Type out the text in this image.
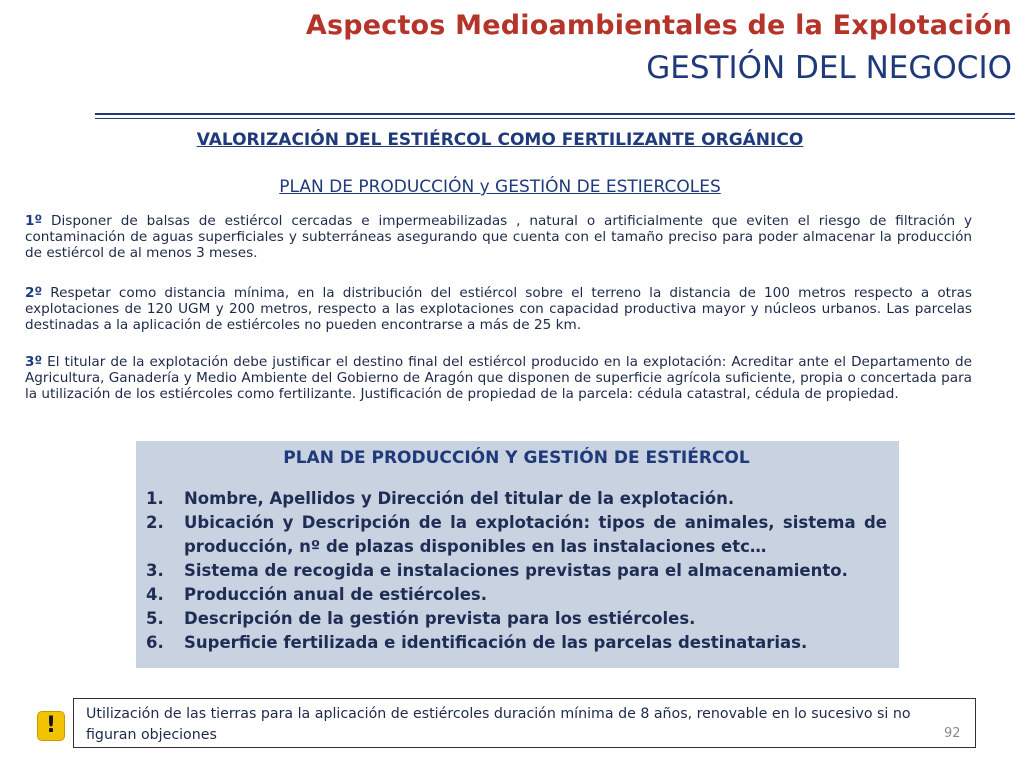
Aspectos Medioambientales de la Explotación
GESTIÓN DEL NEGOCIO
VALORIZACIÓN DEL ESTIÉRCOL COMO FERTILIZANTE ORGÁNICO
PLAN DE PRODUCCIÓN y GESTIÓN DE ESTIERCOLES
1º Disponer de balsas de estiércol cercadas e impermeabilizadas , natural o artificialmente que eviten el riesgo de filtración y contaminación de aguas superficiales y subterráneas asegurando que cuenta con el tamaño preciso para poder almacenar la producción de estiércol de al menos 3 meses.
2º Respetar como distancia mínima, en la distribución del estiércol sobre el terreno la distancia de 100 metros respecto a otras explotaciones de 120 UGM y 200 metros, respecto a las explotaciones con capacidad productiva mayor y núcleos urbanos. Las parcelas destinadas a la aplicación de estiércoles no pueden encontrarse a más de 25 km.
3º El titular de la explotación debe justificar el destino final del estiércol producido en la explotación: Acreditar ante el Departamento de Agricultura, Ganadería y Medio Ambiente del Gobierno de Aragón que disponen de superficie agrícola suficiente, propia o concertada para la utilización de los estiércoles como fertilizante. Justificación de propiedad de la parcela: cédula catastral, cédula de propiedad.
PLAN DE PRODUCCIÓN Y GESTIÓN DE ESTIÉRCOL
1.	Nombre, Apellidos y Dirección del titular de la explotación.
2.	Ubicación y Descripción de la explotación: tipos de animales, sistema de producción, nº de plazas disponibles en las instalaciones etc…
3.	Sistema de recogida e instalaciones previstas para el almacenamiento.
4.	Producción anual de estiércoles.
5.	Descripción de la gestión prevista para los estiércoles.
6.	Superficie fertilizada e identificación de las parcelas destinatarias.
!	Utilización de las tierras para la aplicación de estiércoles duración mínima de 8 años, renovable en lo sucesivo si no figuran objeciones	92
